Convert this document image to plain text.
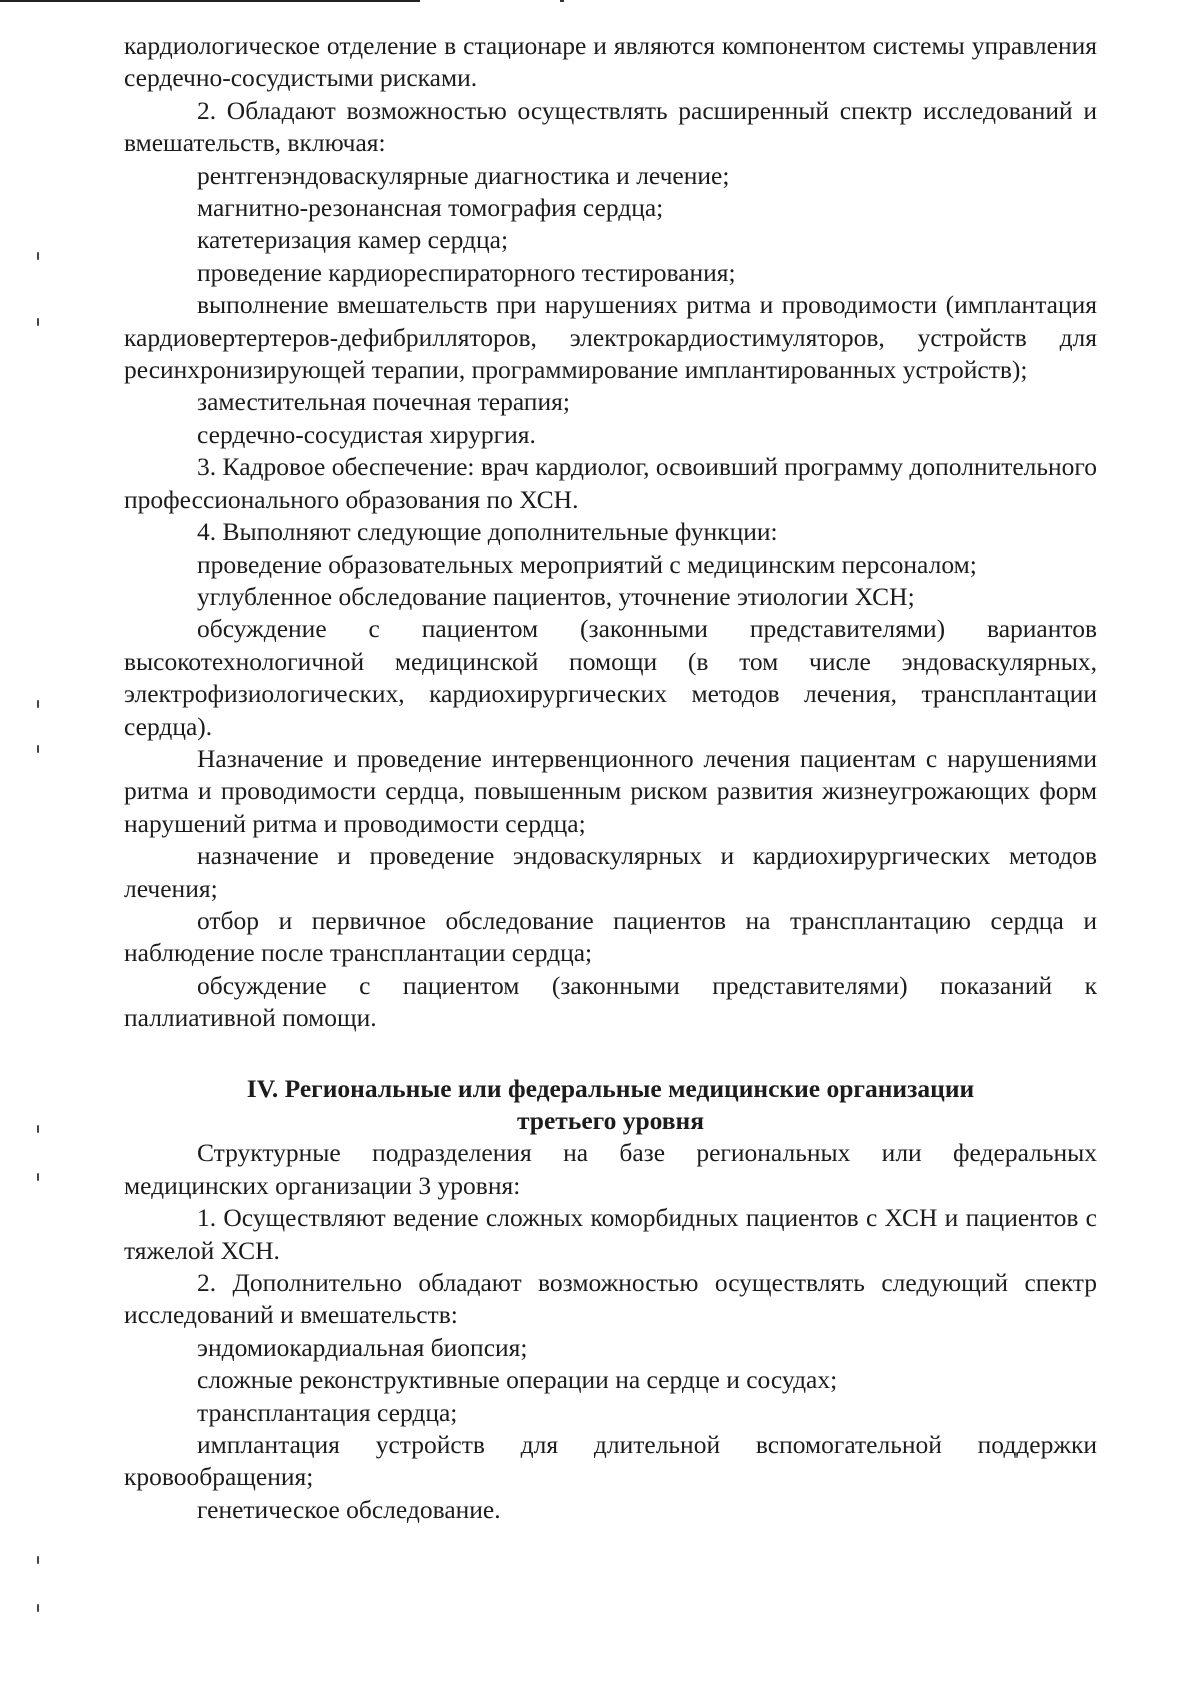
кардиологическое отделение в стационаре и являются компонентом системы управления сердечно-сосудистыми рисками.

2. Обладают возможностью осуществлять расширенный спектр исследований и вмешательств, включая:

рентгенэндоваскулярные диагностика и лечение;

магнитно-резонансная томография сердца;

катетеризация камер сердца;

проведение кардиореспираторного тестирования;

выполнение вмешательств при нарушениях ритма и проводимости (имплантация кардиовертертеров-дефибрилляторов, электрокардиостимуляторов, устройств для ресинхронизирующей терапии, программирование имплантированных устройств);

заместительная почечная терапия;

сердечно-сосудистая хирургия.

3. Кадровое обеспечение: врач кардиолог, освоивший программу дополнительного профессионального образования по ХСН.

4. Выполняют следующие дополнительные функции:

проведение образовательных мероприятий с медицинским персоналом;

углубленное обследование пациентов, уточнение этиологии ХСН;

обсуждение с пациентом (законными представителями) вариантов высокотехнологичной медицинской помощи (в том числе эндоваскулярных, электрофизиологических, кардиохирургических методов лечения, трансплантации сердца).

Назначение и проведение интервенционного лечения пациентам с нарушениями ритма и проводимости сердца, повышенным риском развития жизнеугрожающих форм нарушений ритма и проводимости сердца;

назначение и проведение эндоваскулярных и кардиохирургических методов лечения;

отбор и первичное обследование пациентов на трансплантацию сердца и наблюдение после трансплантации сердца;

обсуждение с пациентом (законными представителями) показаний к паллиативной помощи.

IV. Региональные или федеральные медицинские организации
третьего уровня

Структурные подразделения на базе региональных или федеральных медицинских организации 3 уровня:

1. Осуществляют ведение сложных коморбидных пациентов с ХСН и пациентов с тяжелой ХСН.

2. Дополнительно обладают возможностью осуществлять следующий спектр исследований и вмешательств:

эндомиокардиальная биопсия;

сложные реконструктивные операции на сердце и сосудах;

трансплантация сердца;

имплантация устройств для длительной вспомогательной поддержки кровообращения;

генетическое обследование.
